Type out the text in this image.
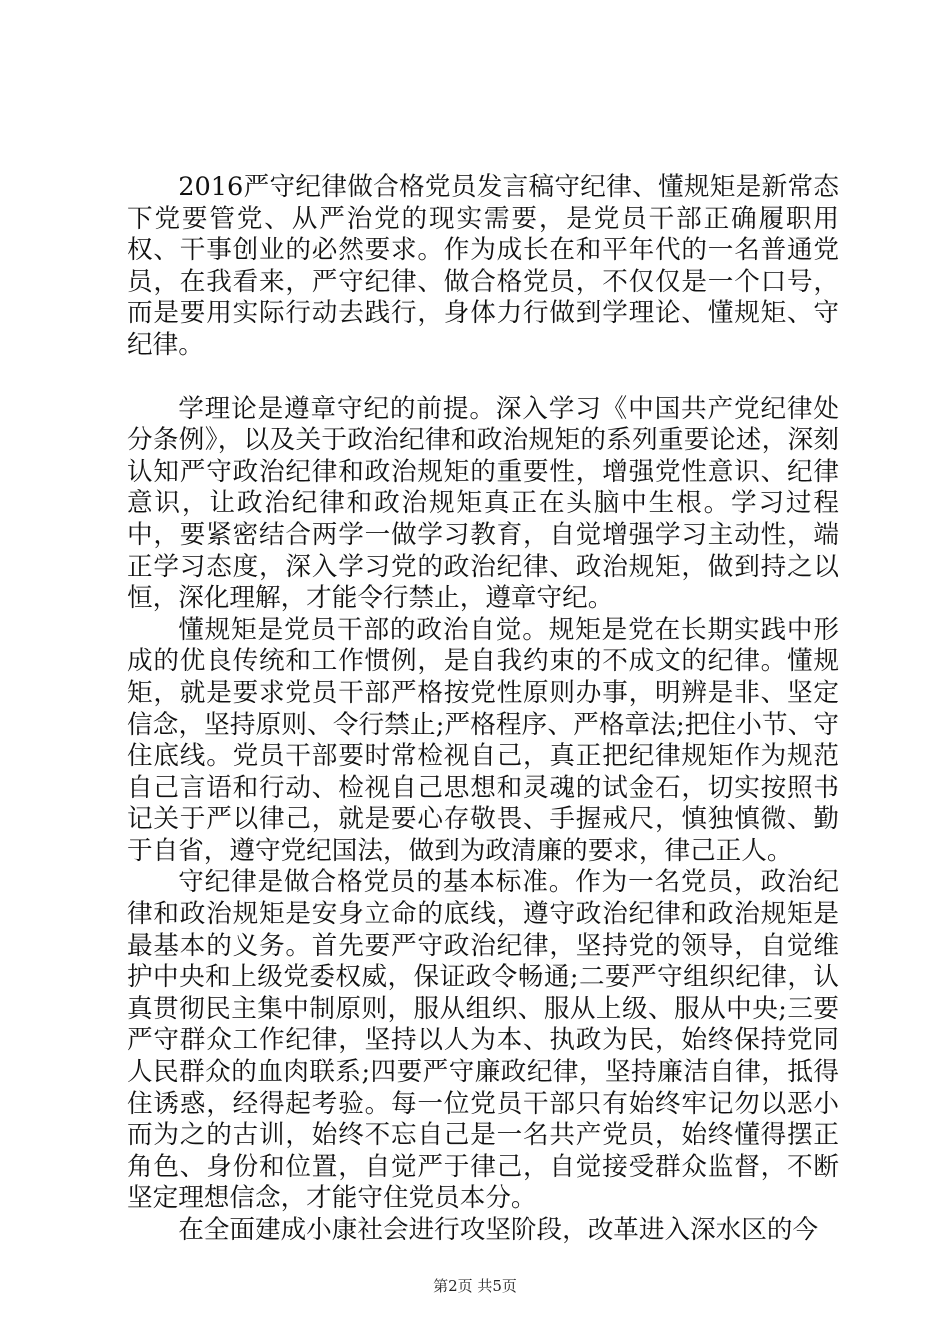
2016严守纪律做合格党员发言稿守纪律、懂规矩是新常态下党要管党、从严治党的现实需要，是党员干部正确履职用权、干事创业的必然要求。作为成长在和平年代的一名普通党员，在我看来，严守纪律、做合格党员，不仅仅是一个口号，而是要用实际行动去践行，身体力行做到学理论、懂规矩、守纪律。

学理论是遵章守纪的前提。深入学习《中国共产党纪律处分条例》，以及关于政治纪律和政治规矩的系列重要论述，深刻认知严守政治纪律和政治规矩的重要性，增强党性意识、纪律意识，让政治纪律和政治规矩真正在头脑中生根。学习过程中，要紧密结合两学一做学习教育，自觉增强学习主动性，端正学习态度，深入学习党的政治纪律、政治规矩，做到持之以恒，深化理解，才能令行禁止，遵章守纪。

懂规矩是党员干部的政治自觉。规矩是党在长期实践中形成的优良传统和工作惯例，是自我约束的不成文的纪律。懂规矩，就是要求党员干部严格按党性原则办事，明辨是非、坚定信念，坚持原则、令行禁止;严格程序、严格章法;把住小节、守住底线。党员干部要时常检视自己，真正把纪律规矩作为规范自己言语和行动、检视自己思想和灵魂的试金石，切实按照书记关于严以律己，就是要心存敬畏、手握戒尺，慎独慎微、勤于自省，遵守党纪国法，做到为政清廉的要求，律己正人。

守纪律是做合格党员的基本标准。作为一名党员，政治纪律和政治规矩是安身立命的底线，遵守政治纪律和政治规矩是最基本的义务。首先要严守政治纪律，坚持党的领导，自觉维护中央和上级党委权威，保证政令畅通;二要严守组织纪律，认真贯彻民主集中制原则，服从组织、服从上级、服从中央;三要严守群众工作纪律，坚持以人为本、执政为民，始终保持党同人民群众的血肉联系;四要严守廉政纪律，坚持廉洁自律，抵得住诱惑，经得起考验。每一位党员干部只有始终牢记勿以恶小而为之的古训，始终不忘自己是一名共产党员，始终懂得摆正角色、身份和位置，自觉严于律己，自觉接受群众监督，不断坚定理想信念，才能守住党员本分。

在全面建成小康社会进行攻坚阶段，改革进入深水区的今

第2页 共5页
